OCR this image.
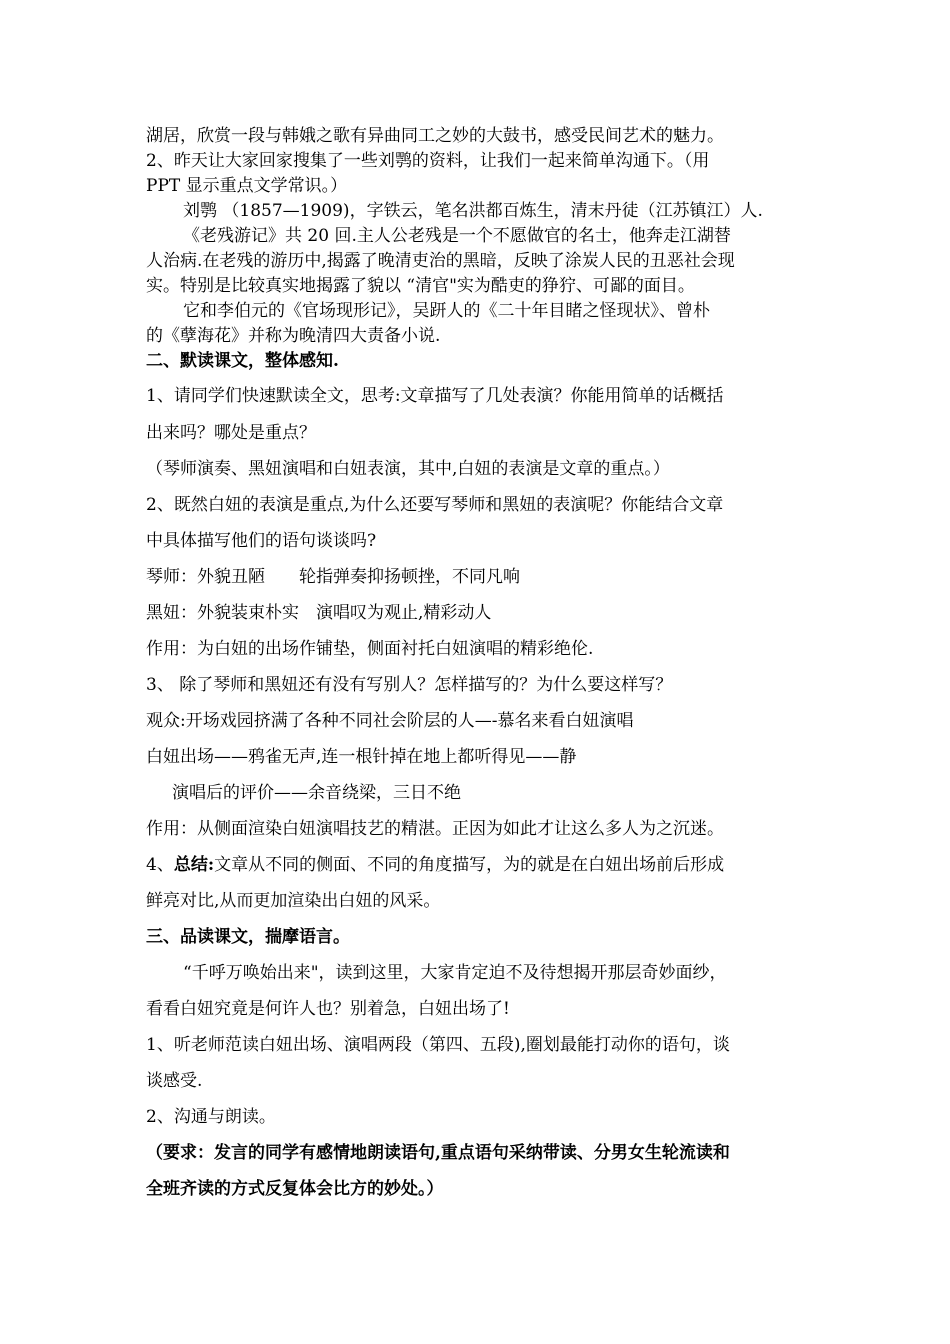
湖居，欣赏一段与韩娥之歌有异曲同工之妙的大鼓书，感受民间艺术的魅力。
2、昨天让大家回家搜集了一些刘鹗的资料，让我们一起来简单沟通下。（用
PPT 显示重点文学常识。）
刘鹗 （1857—1909)，字铁云，笔名洪都百炼生，清末丹徒（江苏镇江）人.
《老残游记》共 20 回.主人公老残是一个不愿做官的名士，他奔走江湖替
人治病.在老残的游历中,揭露了晚清吏治的黑暗，反映了涂炭人民的丑恶社会现
实。特别是比较真实地揭露了貌以 “清官"实为酷吏的狰狞、可鄙的面目。
它和李伯元的《官场现形记》，吴趼人的《二十年目睹之怪现状》、曾朴
的《孽海花》并称为晚清四大责备小说.
二、默读课文，整体感知.
1、请同学们快速默读全文，思考:文章描写了几处表演？你能用简单的话概括
出来吗？哪处是重点？
（琴师演奏、黑妞演唱和白妞表演，其中,白妞的表演是文章的重点。）
2、既然白妞的表演是重点,为什么还要写琴师和黑妞的表演呢？你能结合文章
中具体描写他们的语句谈谈吗?
琴师：外貌丑陋　　轮指弹奏抑扬顿挫，不同凡响
黑妞：外貌装束朴实　演唱叹为观止,精彩动人
作用：为白妞的出场作铺垫，侧面衬托白妞演唱的精彩绝伦.
3、 除了琴师和黑妞还有没有写别人？怎样描写的？为什么要这样写？
观众:开场戏园挤满了各种不同社会阶层的人—-慕名来看白妞演唱
白妞出场——鸦雀无声,连一根针掉在地上都听得见——静
演唱后的评价——余音绕梁，三日不绝
作用：从侧面渲染白妞演唱技艺的精湛。正因为如此才让这么多人为之沉迷。
4、总结:文章从不同的侧面、不同的角度描写，为的就是在白妞出场前后形成
鲜亮对比,从而更加渲染出白妞的风采。
三、品读课文，揣摩语言。
“千呼万唤始出来"，读到这里，大家肯定迫不及待想揭开那层奇妙面纱，
看看白妞究竟是何许人也？别着急，白妞出场了!
1、听老师范读白妞出场、演唱两段（第四、五段),圈划最能打动你的语句，谈
谈感受.
2、沟通与朗读。
（要求：发言的同学有感情地朗读语句,重点语句采纳带读、分男女生轮流读和
全班齐读的方式反复体会比方的妙处。）
